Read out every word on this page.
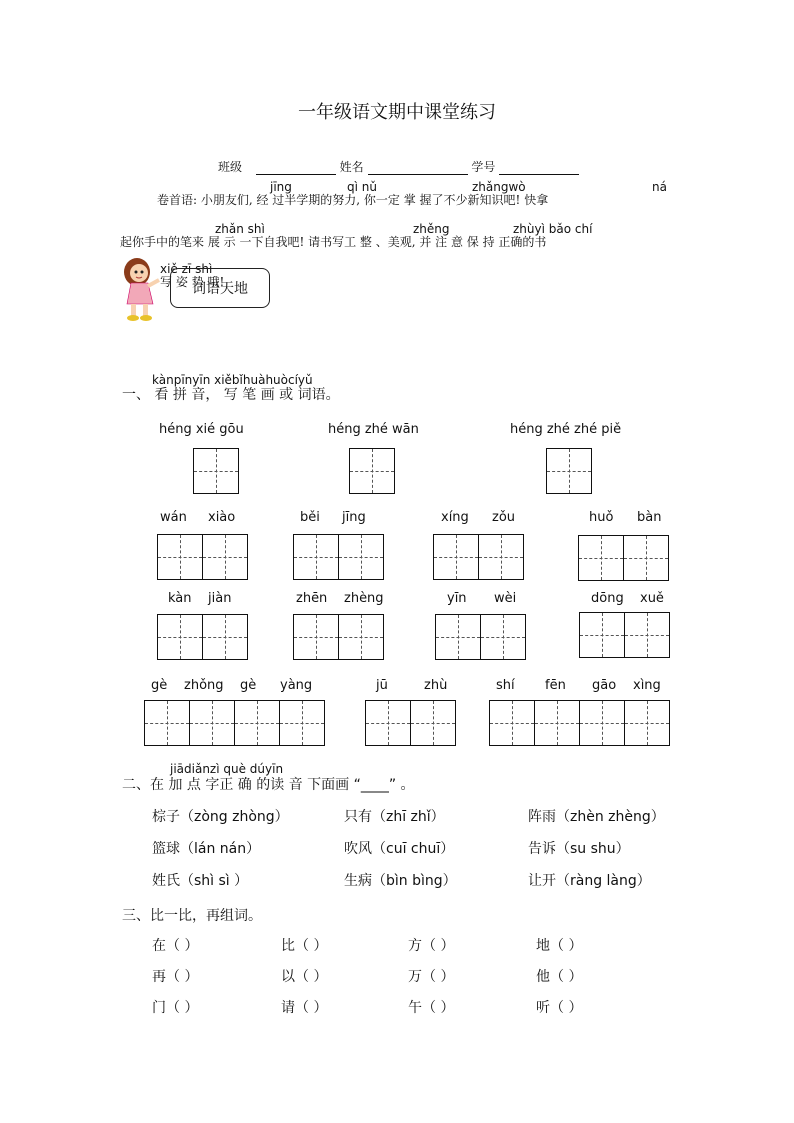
一年级语文期中课堂练习
班级	姓名	学号
jīng	qì nǔ	zhǎngwò	ná
卷首语: 小朋友们, 经 过半学期的努力, 你一定 掌 握了不少新知识吧! 快拿
zhǎn shì	zhěng	zhùyì bǎo chí
起你手中的笔来 展 示 一下自我吧! 请书写工 整 、美观, 并 注 意 保 持 正确的书
xiě zī shì
写 姿 势 哦!
词语天地
kànpīnyīn xiěbǐhuàhuòcíyǔ
一、 看 拼 音， 写 笔 画 或 词语。
héng xié gōu	héng zhé wān	héng zhé zhé piě
wán xiào	běi jīng	xíng zǒu	huǒ bàn
kàn jiàn	zhēn zhèng	yīn wèi	dōng xuě
gè zhǒng gè yàng	jū	zhù	shí fēn gāo xìng
jiādiǎnzì què dúyīn
二、在 加 点 字正 确 的读 音 下面画 “____” 。
棕子（zòng zhòng）	只有（zhī zhǐ）	阵雨（zhèn zhèng）
篮球（lán nán）	吹风（cuī chuī）	告诉（su shu）
姓氏（shì sì ）	生病（bìn bìng）	让开（ràng làng）
三、比一比，再组词。
在（ ）	比（ ）	方（ ）	地（ ）
再（ ）	以（ ）	万（ ）	他（ ）
门（ ）	请（ ）	午（ ）	听（ ）
